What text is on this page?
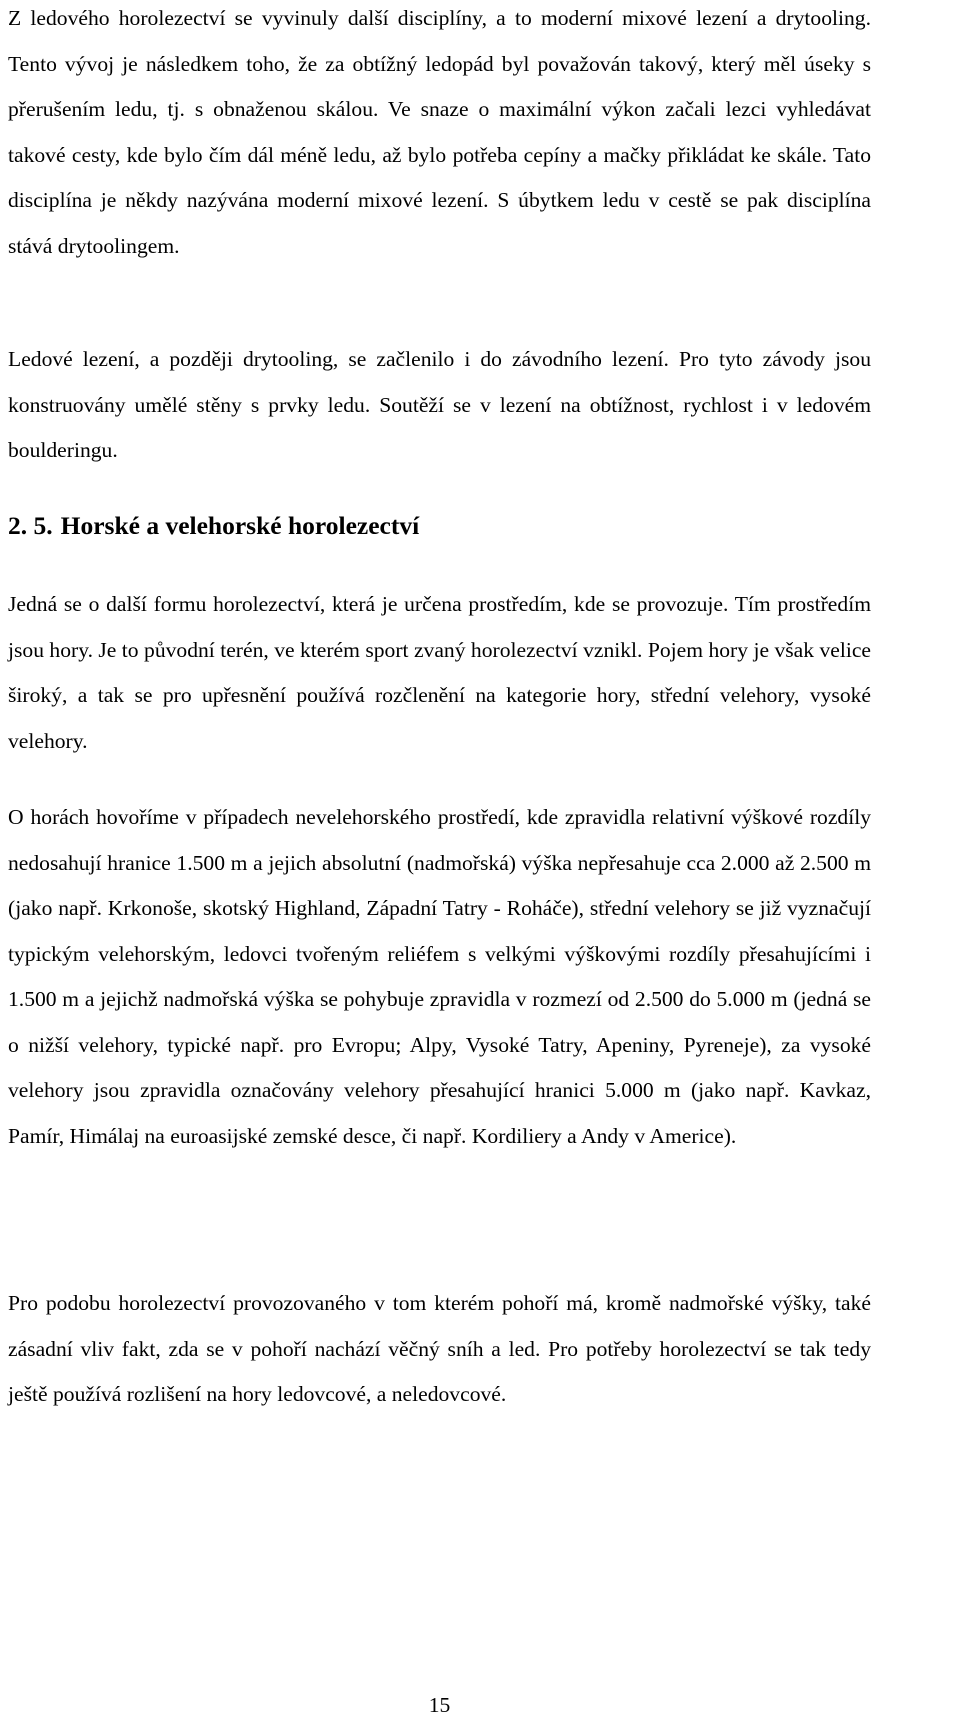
Z ledového horolezectví se vyvinuly další disciplíny, a to moderní mixové lezení a drytooling. Tento vývoj je následkem toho, že za obtížný ledopád byl považován takový, který měl úseky s přerušením ledu, tj. s obnaženou skálou. Ve snaze o maximální výkon začali lezci vyhledávat takové cesty, kde bylo čím dál méně ledu, až bylo potřeba cepíny a mačky přikládat ke skále. Tato disciplína je někdy nazývána moderní mixové lezení. S úbytkem ledu v cestě se pak disciplína stává drytoolingem.

Ledové lezení, a později drytooling, se začlenilo i do závodního lezení. Pro tyto závody jsou konstruovány umělé stěny s prvky ledu. Soutěží se v lezení na obtížnost, rychlost i v ledovém boulderingu.

2. 5. Horské a velehorské horolezectví

Jedná se o další formu horolezectví, která je určena prostředím, kde se provozuje. Tím prostředím jsou hory. Je to původní terén, ve kterém sport zvaný horolezectví vznikl. Pojem hory je však velice široký, a tak se pro upřesnění používá rozčlenění na kategorie hory, střední velehory, vysoké velehory.

O horách hovoříme v případech nevelehorského prostředí, kde zpravidla relativní výškové rozdíly nedosahují hranice 1.500 m a jejich absolutní (nadmořská) výška nepřesahuje cca 2.000 až 2.500 m (jako např. Krkonoše, skotský Highland, Západní Tatry - Roháče), střední velehory se již vyznačují typickým velehorským, ledovci tvořeným reliéfem s velkými výškovými rozdíly přesahujícími i 1.500 m a jejichž nadmořská výška se pohybuje zpravidla v rozmezí od 2.500 do 5.000 m (jedná se o nižší velehory, typické např. pro Evropu; Alpy, Vysoké Tatry, Apeniny, Pyreneje), za vysoké velehory jsou zpravidla označovány velehory přesahující hranici 5.000 m (jako např. Kavkaz, Pamír, Himálaj na euroasijské zemské desce, či např. Kordiliery a Andy v Americe).

Pro podobu horolezectví provozovaného v tom kterém pohoří má, kromě nadmořské výšky, také zásadní vliv fakt, zda se v pohoří nachází věčný sníh a led. Pro potřeby horolezectví se tak tedy ještě používá rozlišení na hory ledovcové, a neledovcové.

15
